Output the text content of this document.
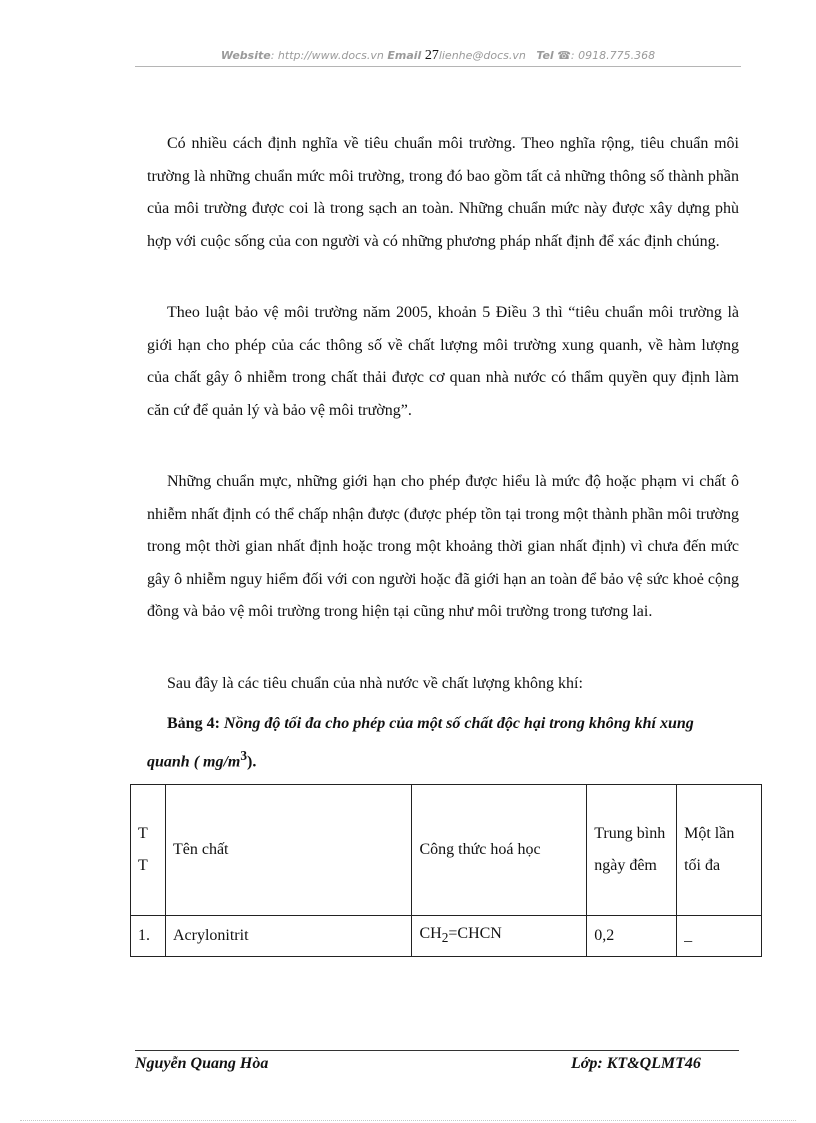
Website: http://www.docs.vn Email 27lienhe@docs.vn Tel ☎: 0918.775.368

Có nhiều cách định nghĩa về tiêu chuẩn môi trường. Theo nghĩa rộng, tiêu chuẩn môi trường là những chuẩn mức môi trường, trong đó bao gồm tất cả những thông số thành phần của môi trường được coi là trong sạch an toàn. Những chuẩn mức này được xây dựng phù hợp với cuộc sống của con người và có những phương pháp nhất định để xác định chúng.

Theo luật bảo vệ môi trường năm 2005, khoản 5 Điều 3 thì “tiêu chuẩn môi trường là giới hạn cho phép của các thông số về chất lượng môi trường xung quanh, về hàm lượng của chất gây ô nhiễm trong chất thải được cơ quan nhà nước có thẩm quyền quy định làm căn cứ để quản lý và bảo vệ môi trường”.

Những chuẩn mực, những giới hạn cho phép được hiểu là mức độ hoặc phạm vi chất ô nhiễm nhất định có thể chấp nhận được (được phép tồn tại trong một thành phần môi trường trong một thời gian nhất định hoặc trong một khoảng thời gian nhất định) vì chưa đến mức gây ô nhiễm nguy hiểm đối với con người hoặc đã giới hạn an toàn để bảo vệ sức khoẻ cộng đồng và bảo vệ môi trường trong hiện tại cũng như môi trường trong tương lai.

Sau đây là các tiêu chuẩn của nhà nước về chất lượng không khí:

Bảng 4: Nồng độ tối đa cho phép của một số chất độc hại trong không khí xung quanh ( $mg/m^3$).

T
T	Tên chất	Công thức hoá học	Trung bình ngày đêm	Một lần tối đa
1.	Acrylonitrit	$CH_2=CHCN$	0,2	_
Nguyễn Quang Hòa	Lớp: KT&QLMT46
